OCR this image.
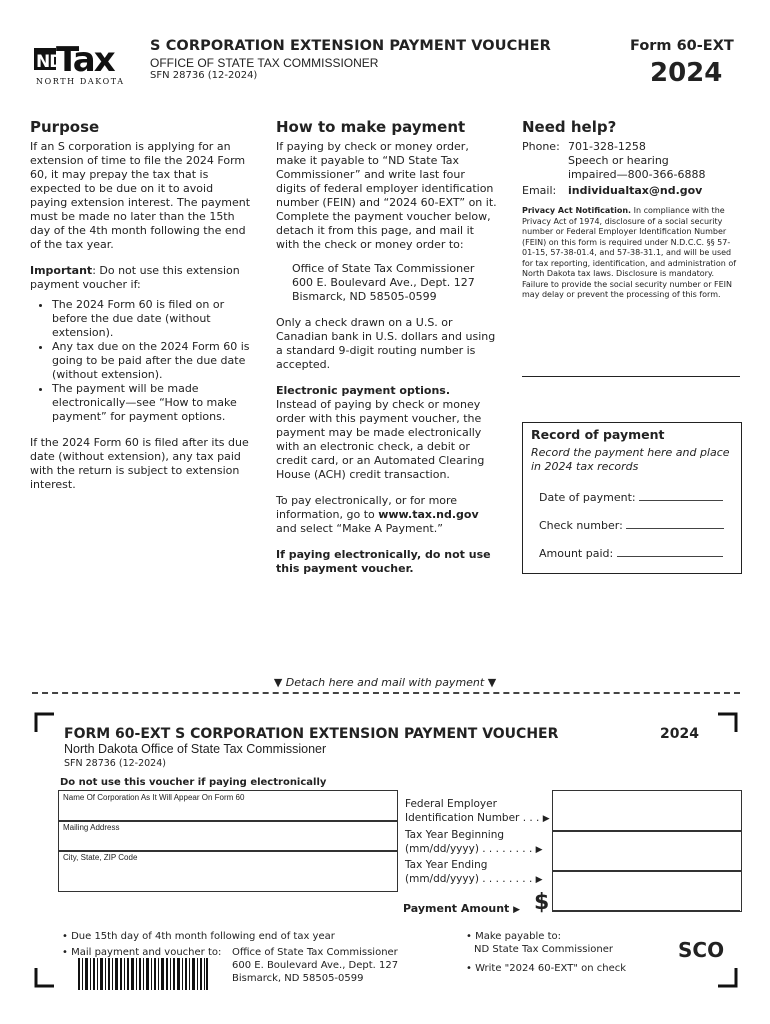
ND
Tax
NORTH DAKOTA
S CORPORATION EXTENSION PAYMENT VOUCHER
OFFICE OF STATE TAX COMMISSIONER
SFN 28736 (12-2024)
Form 60-EXT
2024
Purpose
If an S corporation is applying for an extension of time to file the 2024 Form 60, it may prepay the tax that is expected to be due on it to avoid paying extension interest. The payment must be made no later than the 15th day of the 4th month following the end of the tax year.
Important: Do not use this extension payment voucher if:
• The 2024 Form 60 is filed on or before the due date (without extension).
• Any tax due on the 2024 Form 60 is going to be paid after the due date (without extension).
• The payment will be made electronically—see “How to make payment” for payment options.
If the 2024 Form 60 is filed after its due date (without extension), any tax paid with the return is subject to extension interest.
How to make payment
If paying by check or money order, make it payable to “ND State Tax Commissioner” and write last four digits of federal employer identification number (FEIN) and “2024 60-EXT” on it. Complete the payment voucher below, detach it from this page, and mail it with the check or money order to:
Office of State Tax Commissioner
600 E. Boulevard Ave., Dept. 127
Bismarck, ND 58505-0599
Only a check drawn on a U.S. or Canadian bank in U.S. dollars and using a standard 9-digit routing number is accepted.
Electronic payment options.
Instead of paying by check or money order with this payment voucher, the payment may be made electronically with an electronic check, a debit or credit card, or an Automated Clearing House (ACH) credit transaction.
To pay electronically, or for more information, go to www.tax.nd.gov and select “Make A Payment.”
If paying electronically, do not use this payment voucher.
Need help?
Phone: 701-328-1258
Speech or hearing
impaired—800-366-6888
Email: individualtax@nd.gov
Privacy Act Notification. In compliance with the Privacy Act of 1974, disclosure of a social security number or Federal Employer Identification Number (FEIN) on this form is required under N.D.C.C. §§ 57-01-15, 57-38-01.4, and 57-38-31.1, and will be used for tax reporting, identification, and administration of North Dakota tax laws. Disclosure is mandatory. Failure to provide the social security number or FEIN may delay or prevent the processing of this form.
Record of payment
Record the payment here and place in 2024 tax records
Date of payment:
Check number:
Amount paid:
▼ Detach here and mail with payment ▼
FORM 60-EXT S CORPORATION EXTENSION PAYMENT VOUCHER	2024
North Dakota Office of State Tax Commissioner
SFN 28736 (12-2024)
Do not use this voucher if paying electronically
Name Of Corporation As It Will Appear On Form 60
Mailing Address
City, State, ZIP Code
Federal Employer
Identification Number . . . ▶
Tax Year Beginning
(mm/dd/yyyy) . . . . . . . . ▶
Tax Year Ending
(mm/dd/yyyy) . . . . . . . . ▶
Payment Amount ▶ $
• Due 15th day of 4th month following end of tax year
• Mail payment and voucher to: Office of State Tax Commissioner
600 E. Boulevard Ave., Dept. 127
Bismarck, ND 58505-0599
• Make payable to:
ND State Tax Commissioner
• Write "2024 60-EXT" on check
SCO
